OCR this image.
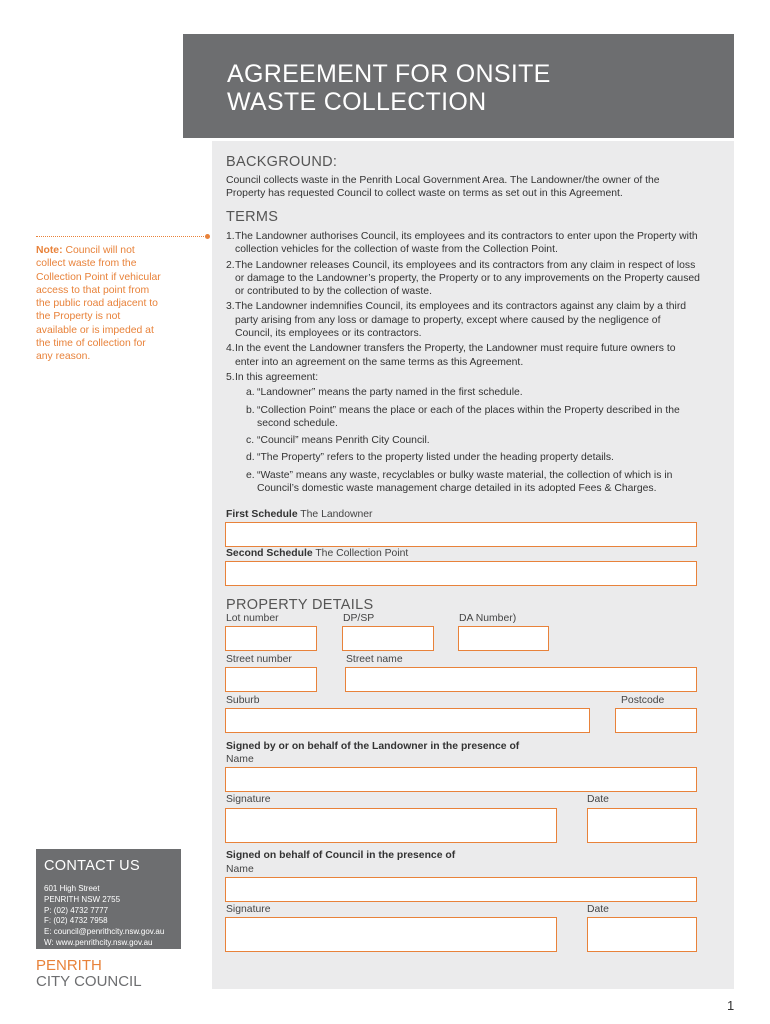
AGREEMENT FOR ONSITE
WASTE COLLECTION
BACKGROUND:
Council collects waste in the Penrith Local Government Area. The Landowner/the owner of the Property has requested Council to collect waste on terms as set out in this Agreement.
TERMS
1. The Landowner authorises Council, its employees and its contractors to enter upon the Property with collection vehicles for the collection of waste from the Collection Point.
2. The Landowner releases Council, its employees and its contractors from any claim in respect of loss or damage to the Landowner’s property, the Property or to any improvements on the Property caused or contributed to by the collection of waste.
3. The Landowner indemnifies Council, its employees and its contractors against any claim by a third party arising from any loss or damage to property, except where caused by the negligence of Council, its employees or its contractors.
4. In the event the Landowner transfers the Property, the Landowner must require future owners to enter into an agreement on the same terms as this Agreement.
5. In this agreement:
a. “Landowner” means the party named in the first schedule.
b. “Collection Point” means the place or each of the places within the Property described in the second schedule.
c. “Council” means Penrith City Council.
d. “The Property” refers to the property listed under the heading property details.
e. “Waste” means any waste, recyclables or bulky waste material, the collection of which is in Council’s domestic waste management charge detailed in its adopted Fees & Charges.
First Schedule The Landowner
Second Schedule The Collection Point
PROPERTY DETAILS
Lot number	DP/SP	DA Number)
Street number	Street name
Suburb	Postcode
Signed by or on behalf of the Landowner in the presence of
Name
Signature	Date
Signed on behalf of Council in the presence of
Name
Signature	Date
Note: Council will not collect waste from the Collection Point if vehicular access to that point from the public road adjacent to the Property is not available or is impeded at the time of collection for any reason.
CONTACT US
601 High Street
PENRITH NSW 2755
P: (02) 4732 7777
F: (02) 4732 7958
E: council@penrithcity.nsw.gov.au
W: www.penrithcity.nsw.gov.au
PENRITH
CITY COUNCIL
1
